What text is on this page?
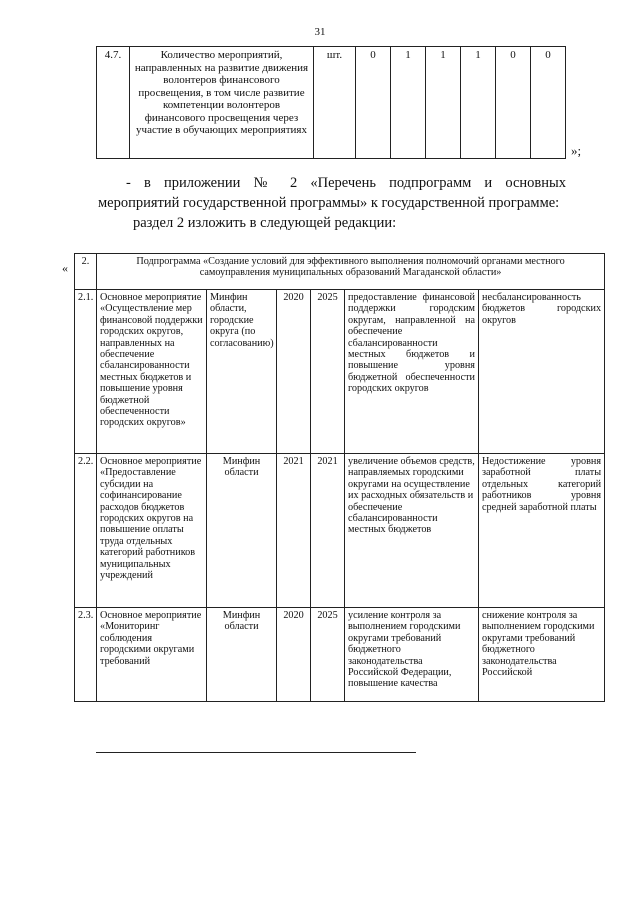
31
4.7.	Количество мероприятий, направленных на развитие движения волонтеров финансового просвещения, в том числе развитие компетенции волонтеров финансового просвещения через участие в обучающих мероприятиях	шт.	0	1	1	1	0	0
»;
- в приложении № 2 «Перечень подпрограмм и основных
мероприятий государственной программы» к государственной программе:
раздел 2 изложить в следующей редакции:
« 2.	Подпрограмма «Создание условий для эффективного выполнения полномочий органами местного самоуправления муниципальных образований Магаданской области»					
2.1.	Основное мероприятие «Осуществление мер финансовой поддержки городских округов, направленных на обеспечение сбалансированности местных бюджетов и повышение уровня бюджетной обеспеченности городских округов»	Минфин области, городские округа (по согласованию)	2020	2025	предоставление финансовой поддержки городским округам, направленной на обеспечение сбалансированности местных бюджетов и повышение уровня бюджетной обеспеченности городских округов	несбалансированность бюджетов городских округов
2.2.	Основное мероприятие «Предоставление субсидии на софинансирование расходов бюджетов городских округов на повышение оплаты труда отдельных категорий работников муниципальных учреждений	Минфин области	2021	2021	увеличение объемов средств, направляемых городскими округами на осуществление их расходных обязательств и обеспечение сбалансированности местных бюджетов	Недостижение уровня заработной платы отдельных категорий работников уровня средней заработной платы
2.3.	Основное мероприятие «Мониторинг соблюдения городскими округами требований	Минфин области	2020	2025	усиление контроля за выполнением городскими округами требований бюджетного законодательства Российской Федерации, повышение качества	снижение контроля за выполнением городскими округами требований бюджетного законодательства Российской
